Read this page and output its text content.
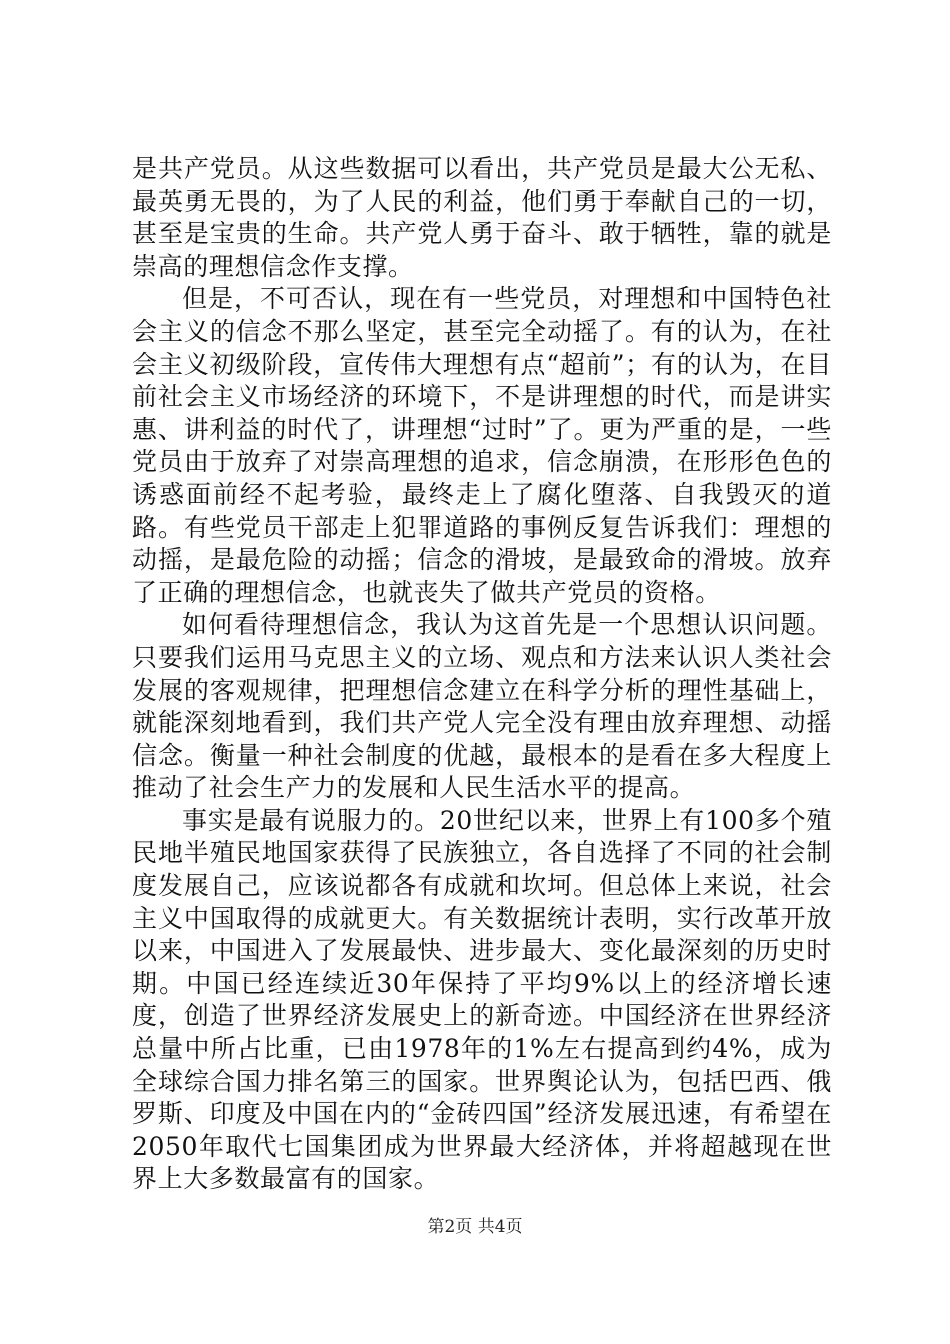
是共产党员。从这些数据可以看出，共产党员是最大公无私、最英勇无畏的，为了人民的利益，他们勇于奉献自己的一切，甚至是宝贵的生命。共产党人勇于奋斗、敢于牺牲，靠的就是崇高的理想信念作支撑。

但是，不可否认，现在有一些党员，对理想和中国特色社会主义的信念不那么坚定，甚至完全动摇了。有的认为，在社会主义初级阶段，宣传伟大理想有点“超前”；有的认为，在目前社会主义市场经济的环境下，不是讲理想的时代，而是讲实惠、讲利益的时代了，讲理想“过时”了。更为严重的是，一些党员由于放弃了对崇高理想的追求，信念崩溃，在形形色色的诱惑面前经不起考验，最终走上了腐化堕落、自我毁灭的道路。有些党员干部走上犯罪道路的事例反复告诉我们：理想的动摇，是最危险的动摇；信念的滑坡，是最致命的滑坡。放弃了正确的理想信念，也就丧失了做共产党员的资格。

如何看待理想信念，我认为这首先是一个思想认识问题。只要我们运用马克思主义的立场、观点和方法来认识人类社会发展的客观规律，把理想信念建立在科学分析的理性基础上，就能深刻地看到，我们共产党人完全没有理由放弃理想、动摇信念。衡量一种社会制度的优越，最根本的是看在多大程度上推动了社会生产力的发展和人民生活水平的提高。

事实是最有说服力的。20世纪以来，世界上有100多个殖民地半殖民地国家获得了民族独立，各自选择了不同的社会制度发展自己，应该说都各有成就和坎坷。但总体上来说，社会主义中国取得的成就更大。有关数据统计表明，实行改革开放以来，中国进入了发展最快、进步最大、变化最深刻的历史时期。中国已经连续近30年保持了平均9%以上的经济增长速度，创造了世界经济发展史上的新奇迹。中国经济在世界经济总量中所占比重，已由1978年的1%左右提高到约4%，成为全球综合国力排名第三的国家。世界舆论认为，包括巴西、俄罗斯、印度及中国在内的“金砖四国”经济发展迅速，有希望在2050年取代七国集团成为世界最大经济体，并将超越现在世界上大多数最富有的国家。

第2页 共4页
